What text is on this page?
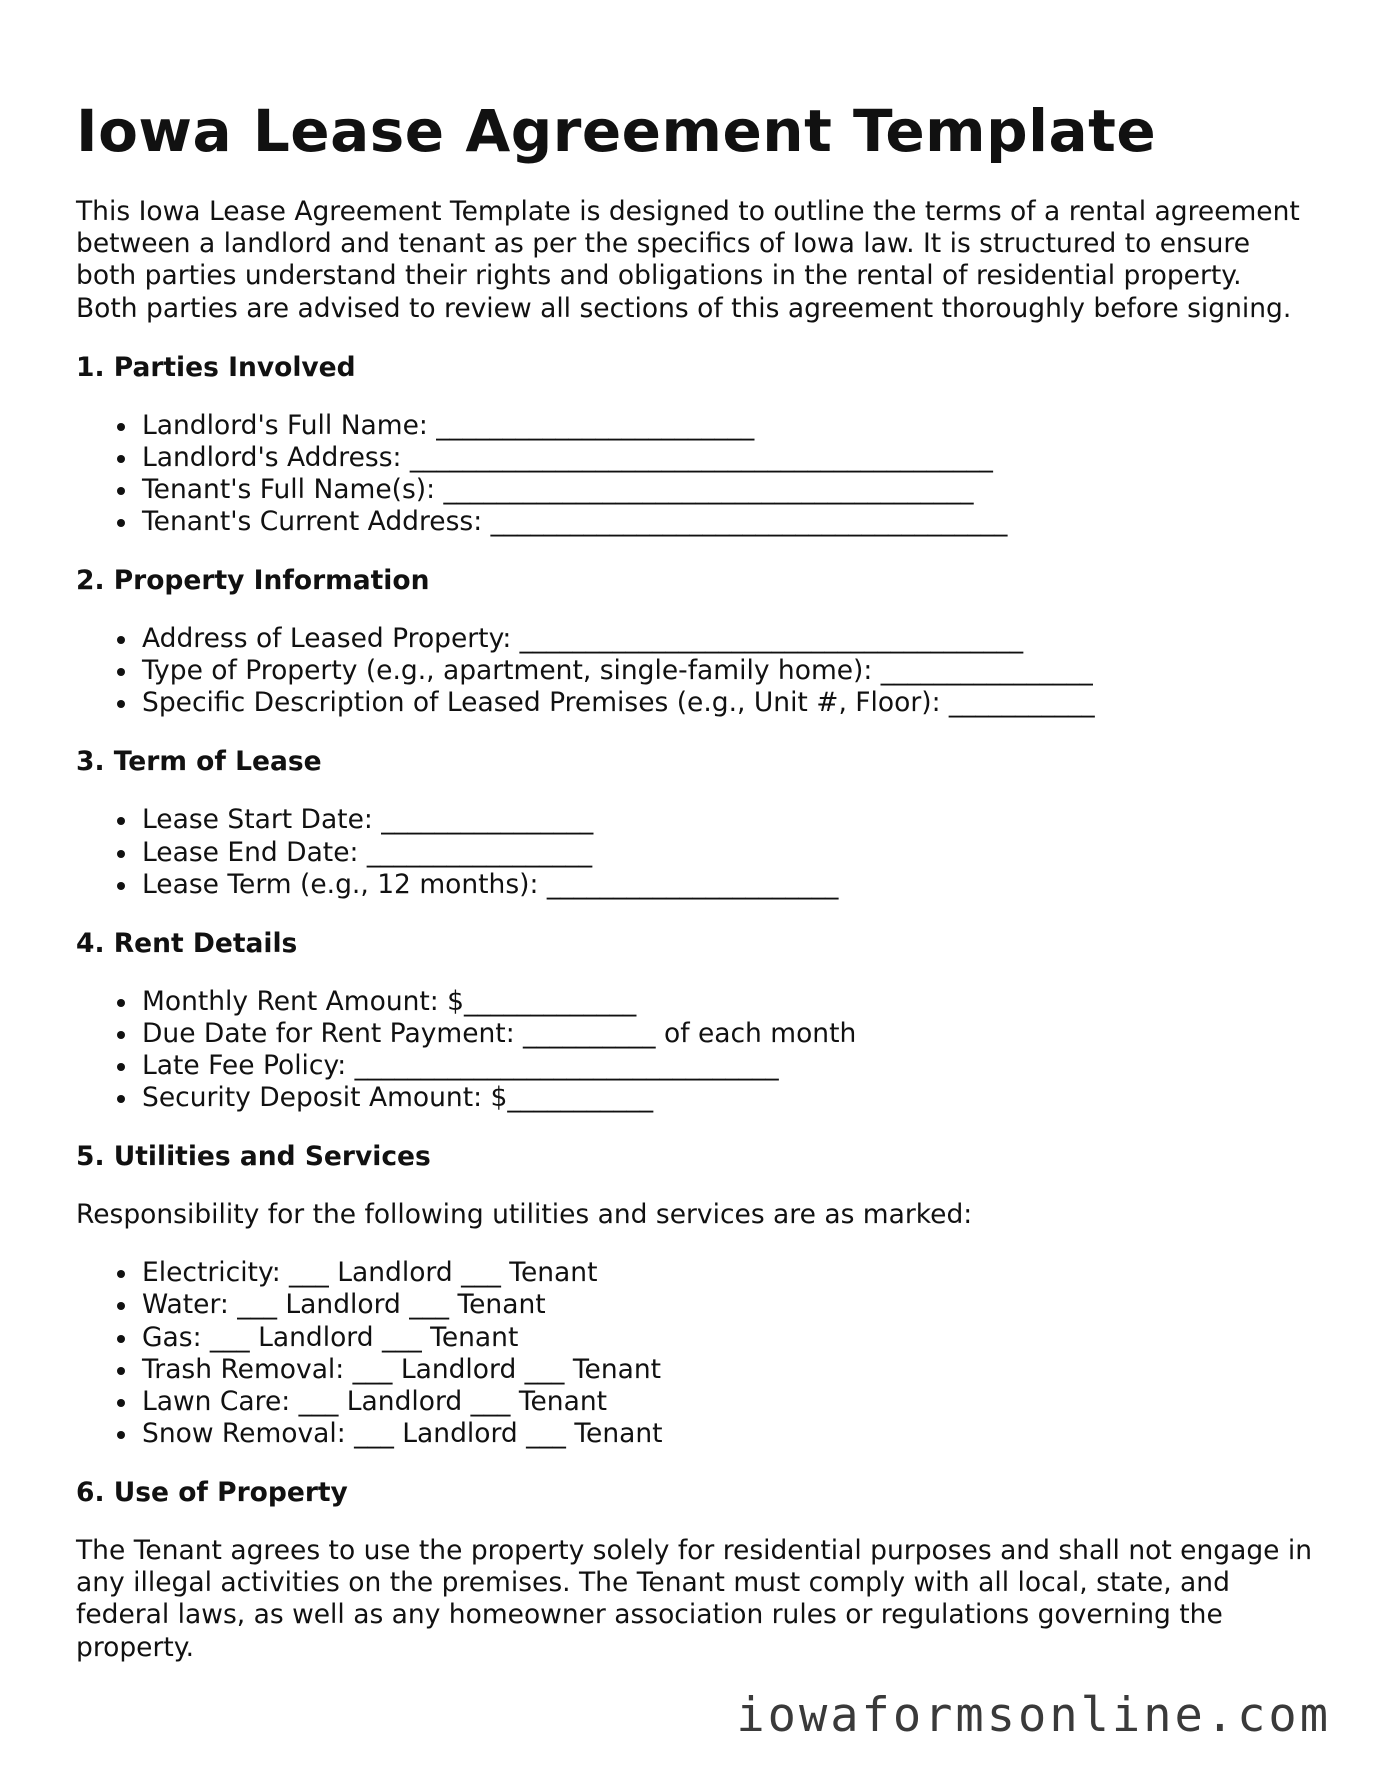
Iowa Lease Agreement Template

This Iowa Lease Agreement Template is designed to outline the terms of a rental agreement between a landlord and tenant as per the specifics of Iowa law. It is structured to ensure both parties understand their rights and obligations in the rental of residential property. Both parties are advised to review all sections of this agreement thoroughly before signing.

1. Parties Involved
Landlord's Full Name: ________________________
Landlord's Address: ____________________________________________
Tenant's Full Name(s): ________________________________________
Tenant's Current Address: _______________________________________
2. Property Information
Address of Leased Property: ______________________________________
Type of Property (e.g., apartment, single-family home): ________________
Specific Description of Leased Premises (e.g., Unit #, Floor): ___________
3. Term of Lease
Lease Start Date: ________________
Lease End Date: _________________
Lease Term (e.g., 12 months): ______________________
4. Rent Details
Monthly Rent Amount: $_____________
Due Date for Rent Payment: __________ of each month
Late Fee Policy: ________________________________
Security Deposit Amount: $___________
5. Utilities and Services

Responsibility for the following utilities and services are as marked:

Electricity: ___ Landlord ___ Tenant
Water: ___ Landlord ___ Tenant
Gas: ___ Landlord ___ Tenant
Trash Removal: ___ Landlord ___ Tenant
Lawn Care: ___ Landlord ___ Tenant
Snow Removal: ___ Landlord ___ Tenant
6. Use of Property

The Tenant agrees to use the property solely for residential purposes and shall not engage in any illegal activities on the premises. The Tenant must comply with all local, state, and federal laws, as well as any homeowner association rules or regulations governing the property.

iowaformsonline.com
